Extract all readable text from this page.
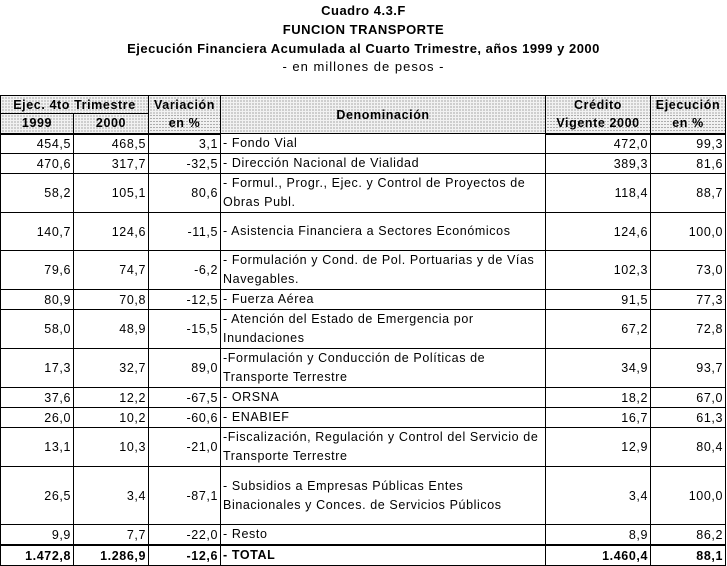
Cuadro 4.3.F
FUNCION TRANSPORTE
Ejecución Financiera Acumulada al Cuarto Trimestre, años 1999 y 2000
- en millones de pesos -
Ejec. 4to Trimestre		Variación	Denominación	Crédito	Ejecución
1999	2000	en %		Vigente 2000	en %
454,5	468,5	3,1	- Fondo Vial	472,0	99,3
470,6	317,7	-32,5	- Dirección Nacional de Vialidad	389,3	81,6
58,2	105,1	80,6	- Formul., Progr., Ejec. y Control de Proyectos de Obras Publ.	118,4	88,7
140,7	124,6	-11,5	- Asistencia Financiera a Sectores Económicos	124,6	100,0
79,6	74,7	-6,2	- Formulación y Cond. de Pol. Portuarias y de Vías Navegables.	102,3	73,0
80,9	70,8	-12,5	- Fuerza Aérea	91,5	77,3
58,0	48,9	-15,5	- Atención del Estado de Emergencia por Inundaciones	67,2	72,8
17,3	32,7	89,0	-Formulación y Conducción de Políticas de Transporte Terrestre	34,9	93,7
37,6	12,2	-67,5	- ORSNA	18,2	67,0
26,0	10,2	-60,6	- ENABIEF	16,7	61,3
13,1	10,3	-21,0	-Fiscalización, Regulación y Control del Servicio de Transporte Terrestre	12,9	80,4
26,5	3,4	-87,1	- Subsidios a Empresas Públicas Entes Binacionales y Conces. de Servicios Públicos	3,4	100,0
9,9	7,7	-22,0	- Resto	8,9	86,2
1.472,8	1.286,9	-12,6	- TOTAL	1.460,4	88,1
